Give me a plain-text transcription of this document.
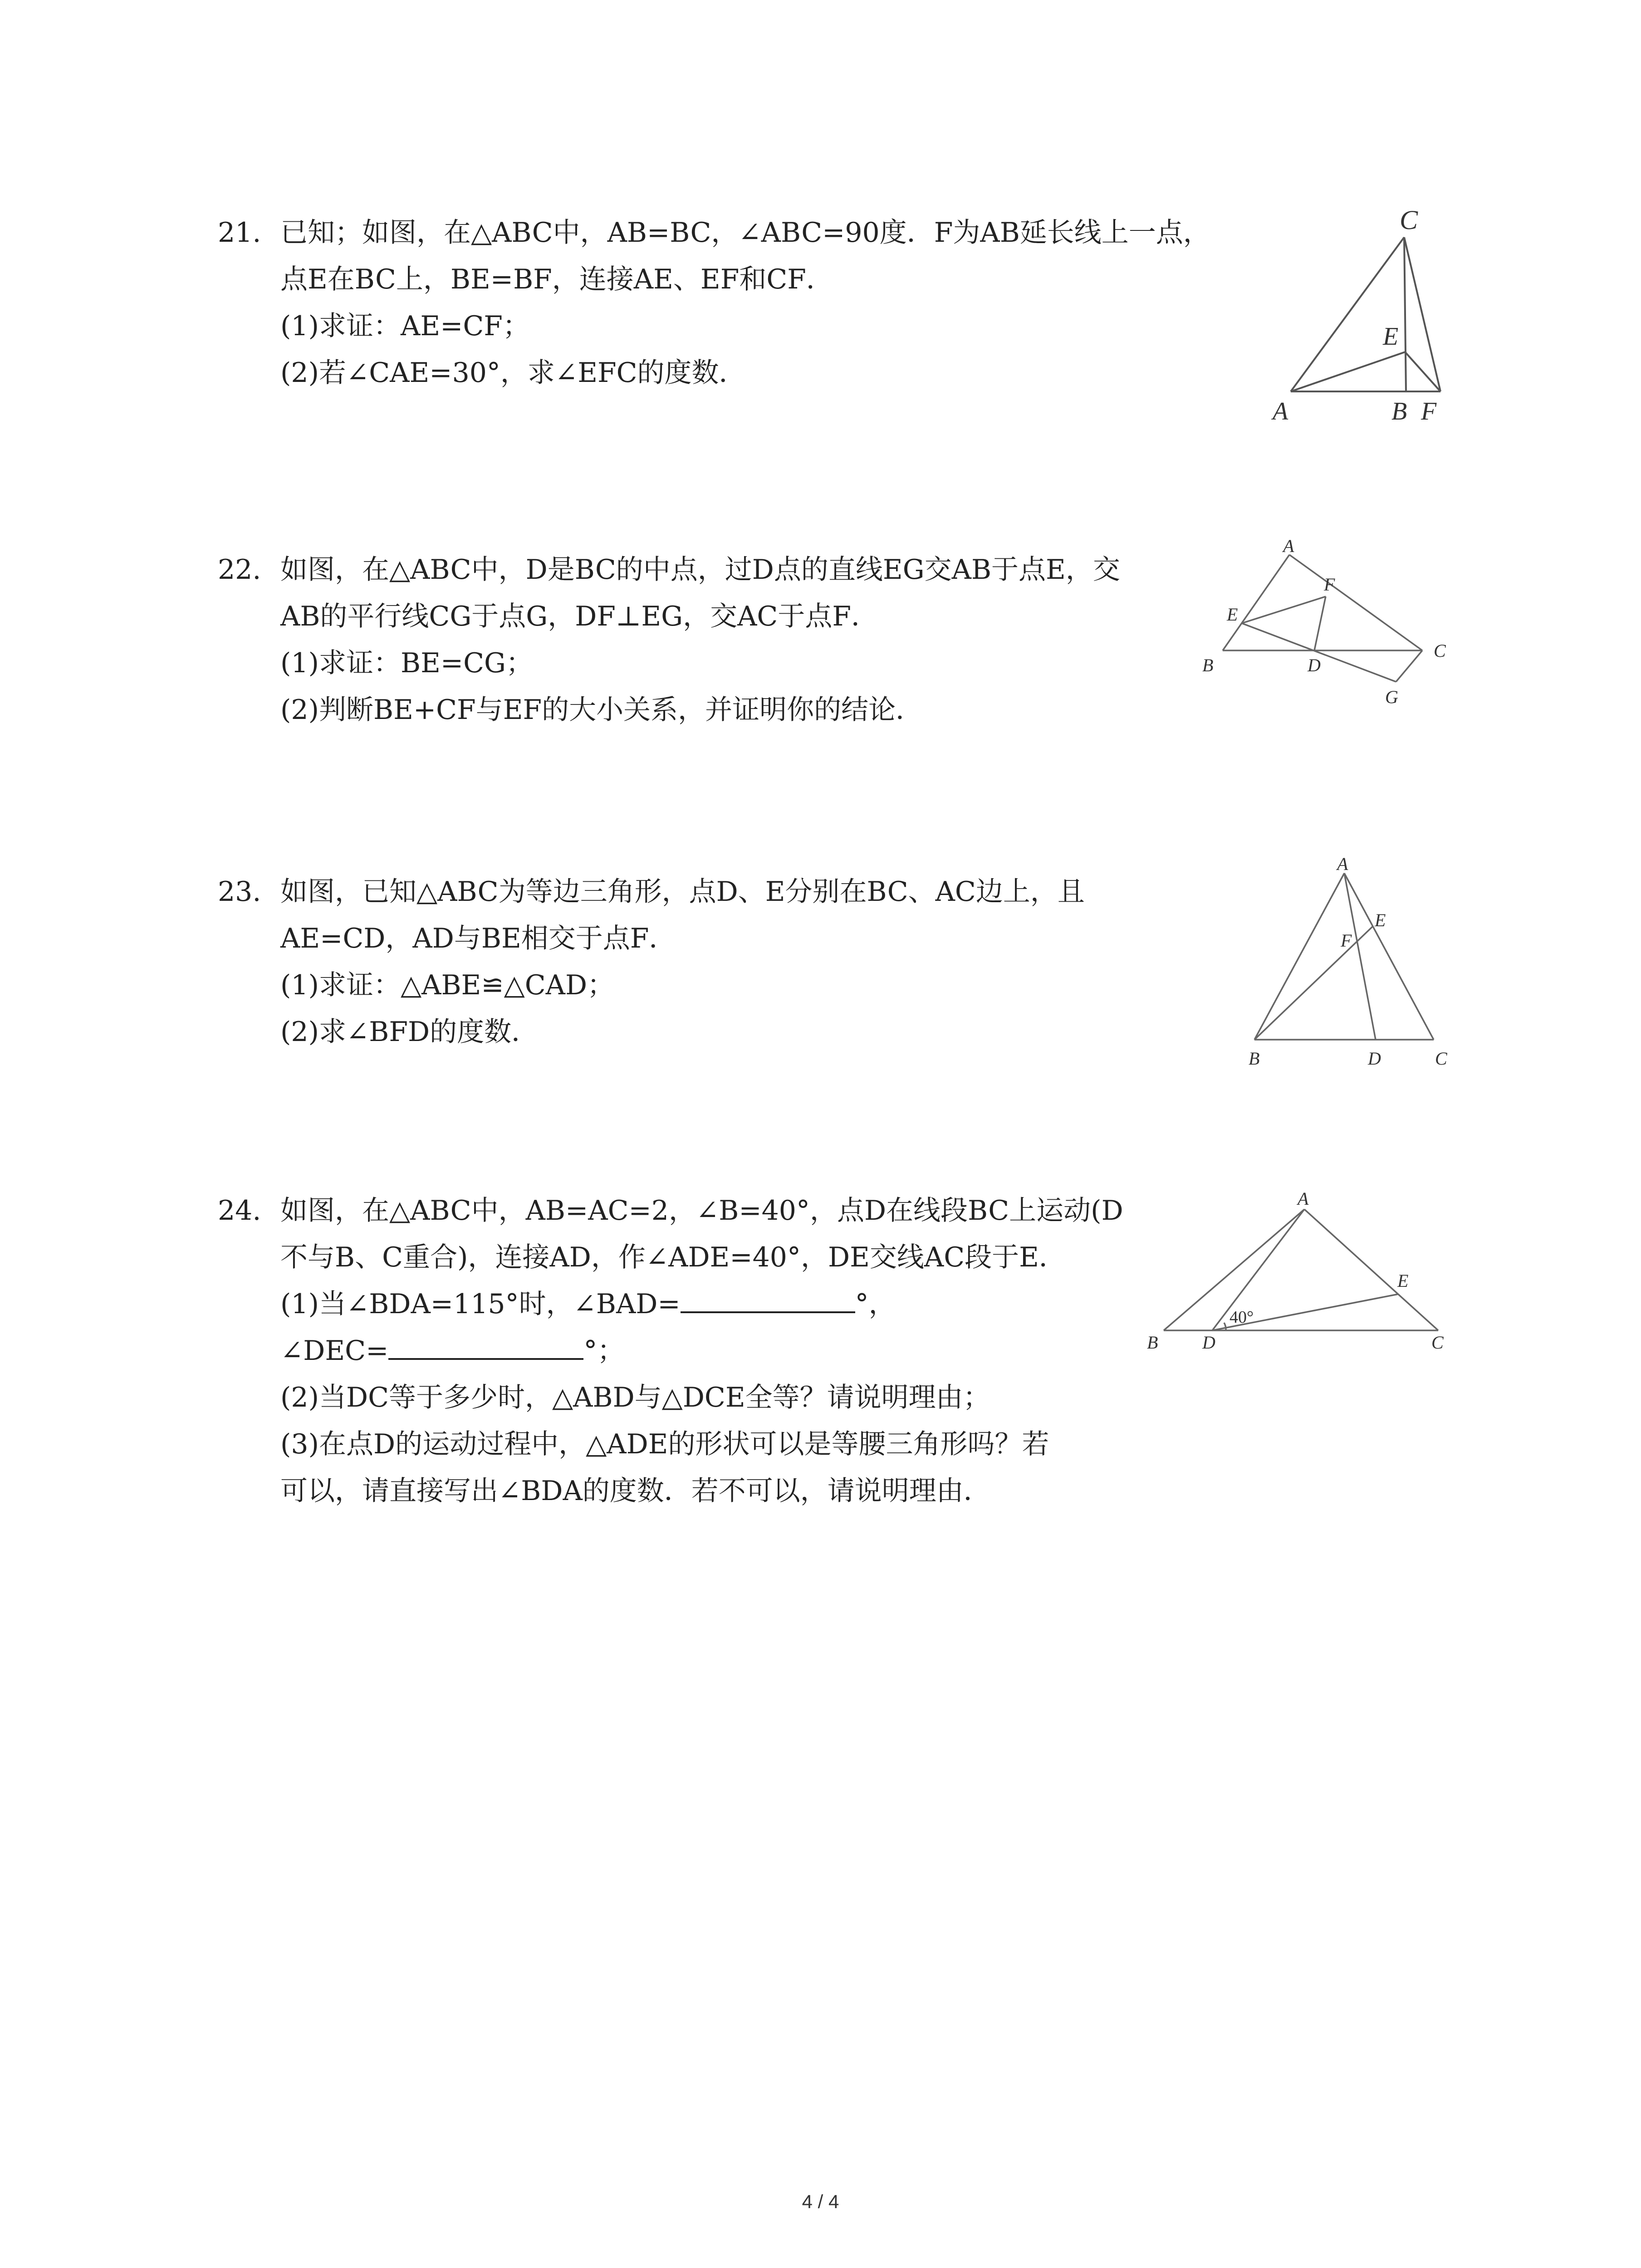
21. 已知；如图，在△ABC中，AB=BC，∠ABC=90度．F为AB延长线上一点，
点E在BC上，BE=BF，连接AE、EF和CF．
(1)求证：AE=CF；
(2)若∠CAE=30°，求∠EFC的度数．
C
E
A	B F
22. 如图，在△ABC中，D是BC的中点，过D点的直线EG交AB于点E，交
AB的平行线CG于点G，DF⊥EG，交AC于点F．
(1)求证：BE=CG；
(2)判断BE+CF与EF的大小关系，并证明你的结论．
A
F
E
C
B	D
G
23. 如图，已知△ABC为等边三角形，点D、E分别在BC、AC边上，且
AE=CD，AD与BE相交于点F．
(1)求证：△ABE≌△CAD；
(2)求∠BFD的度数．
A
E
F
B	D	C
24. 如图，在△ABC中，AB=AC=2，∠B=40°，点D在线段BC上运动(D
不与B、C重合)，连接AD，作∠ADE=40°，DE交线AC段于E．
(1)当∠BDA=115°时，∠BAD=	°，
∠DEC=	°；
(2)当DC等于多少时，△ABD与△DCE全等？请说明理由；
(3)在点D的运动过程中，△ADE的形状可以是等腰三角形吗？若
可以，请直接写出∠BDA的度数．若不可以，请说明理由．
A
E
40°
B D	C
4 / 4
